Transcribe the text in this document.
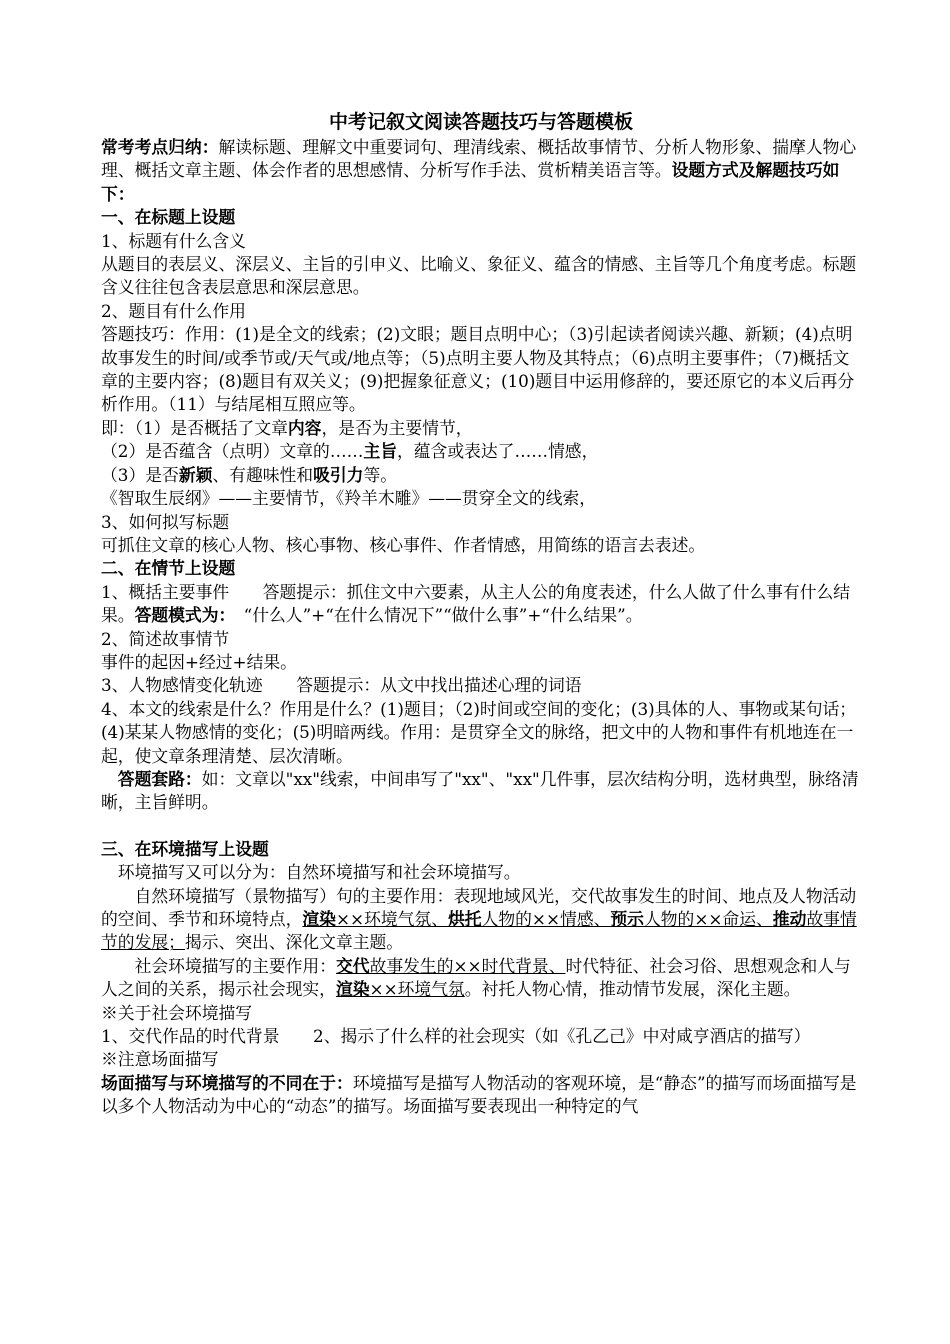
中考记叙文阅读答题技巧与答题模板

常考考点归纳：解读标题、理解文中重要词句、理清线索、概括故事情节、分析人物形象、揣摩人物心理、概括文章主题、体会作者的思想感情、分析写作手法、赏析精美语言等。设题方式及解题技巧如下：

一、在标题上设题

1、标题有什么含义

从题目的表层义、深层义、主旨的引申义、比喻义、象征义、蕴含的情感、主旨等几个角度考虑。标题含义往往包含表层意思和深层意思。

2、题目有什么作用

答题技巧：作用：(1)是全文的线索；(2)文眼；题目点明中心；（3)引起读者阅读兴趣、新颖；(4)点明故事发生的时间/或季节或/天气或/地点等；（5)点明主要人物及其特点；（6)点明主要事件；（7)概括文章的主要内容；(8)题目有双关义；(9)把握象征意义；(10)题目中运用修辞的，要还原它的本义后再分析作用。（11）与结尾相互照应等。

即：（1）是否概括了文章内容，是否为主要情节，

（2）是否蕴含（点明）文章的……主旨，蕴含或表达了……情感，

（3）是否新颖、有趣味性和吸引力等。

《智取生辰纲》——主要情节，《羚羊木雕》——贯穿全文的线索，

3、如何拟写标题

可抓住文章的核心人物、核心事物、核心事件、作者情感，用简练的语言去表述。

二、在情节上设题

1、概括主要事件　　答题提示：抓住文中六要素，从主人公的角度表述，什么人做了什么事有什么结果。答题模式为：　“什么人”+“在什么情况下”“做什么事”+“什么结果”。

2、简述故事情节

事件的起因+经过+结果。

3、人物感情变化轨迹　　答题提示：从文中找出描述心理的词语

4、本文的线索是什么？作用是什么？(1)题目；（2)时间或空间的变化；(3)具体的人、事物或某句话；(4)某某人物感情的变化；(5)明暗两线。作用：是贯穿全文的脉络，把文中的人物和事件有机地连在一起，使文章条理清楚、层次清晰。

答题套路：如：文章以"xx"线索，中间串写了"xx"、"xx"几件事，层次结构分明，选材典型，脉络清晰，主旨鲜明。

三、在环境描写上设题

环境描写又可以分为：自然环境描写和社会环境描写。

自然环境描写（景物描写）句的主要作用：表现地域风光，交代故事发生的时间、地点及人物活动的空间、季节和环境特点，渲染××环境气氛、烘托人物的××情感、预示人物的××命运、推动故事情节的发展；揭示、突出、深化文章主题。

社会环境描写的主要作用：交代故事发生的××时代背景、时代特征、社会习俗、思想观念和人与人之间的关系，揭示社会现实，渲染××环境气氛。衬托人物心情，推动情节发展，深化主题。

※关于社会环境描写

1、交代作品的时代背景　　2、揭示了什么样的社会现实（如《孔乙己》中对咸亨酒店的描写）

※注意场面描写

场面描写与环境描写的不同在于：环境描写是描写人物活动的客观环境，是“静态”的描写而场面描写是以多个人物活动为中心的“动态”的描写。场面描写要表现出一种特定的气
